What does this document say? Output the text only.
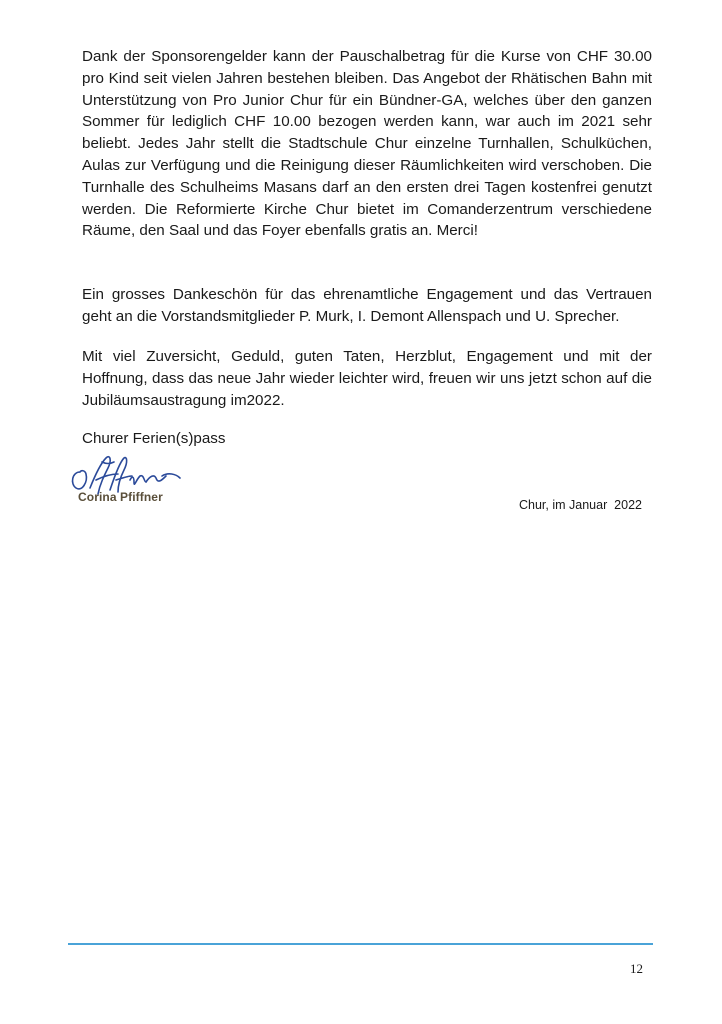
Dank der Sponsorengelder kann der Pauschalbetrag für die Kurse von CHF 30.00 pro Kind seit vielen Jahren bestehen bleiben. Das Angebot der Rhätischen Bahn mit Unterstützung von Pro Junior Chur für ein Bündner-GA, welches über den ganzen Sommer für lediglich CHF 10.00 bezogen werden kann, war auch im 2021 sehr beliebt. Jedes Jahr stellt die Stadtschule Chur einzelne Turnhallen, Schulküchen, Aulas zur Verfügung und die Reinigung dieser Räumlichkeiten wird verschoben. Die Turnhalle des Schulheims Masans darf an den ersten drei Tagen kostenfrei genutzt werden. Die Reformierte Kirche Chur bietet im Comanderzentrum verschiedene Räume, den Saal und das Foyer ebenfalls gratis an. Merci!

Ein grosses Dankeschön für das ehrenamtliche Engagement und das Vertrauen geht an die Vorstandsmitglieder P. Murk, I. Demont Allenspach und U. Sprecher.

Mit viel Zuversicht, Geduld, guten Taten, Herzblut, Engagement und mit der Hoffnung, dass das neue Jahr wieder leichter wird, freuen wir uns jetzt schon auf die Jubiläumsaustragung im2022.

Churer Ferien(s)pass

Corina Pfiffner

Chur, im Januar  2022

12
